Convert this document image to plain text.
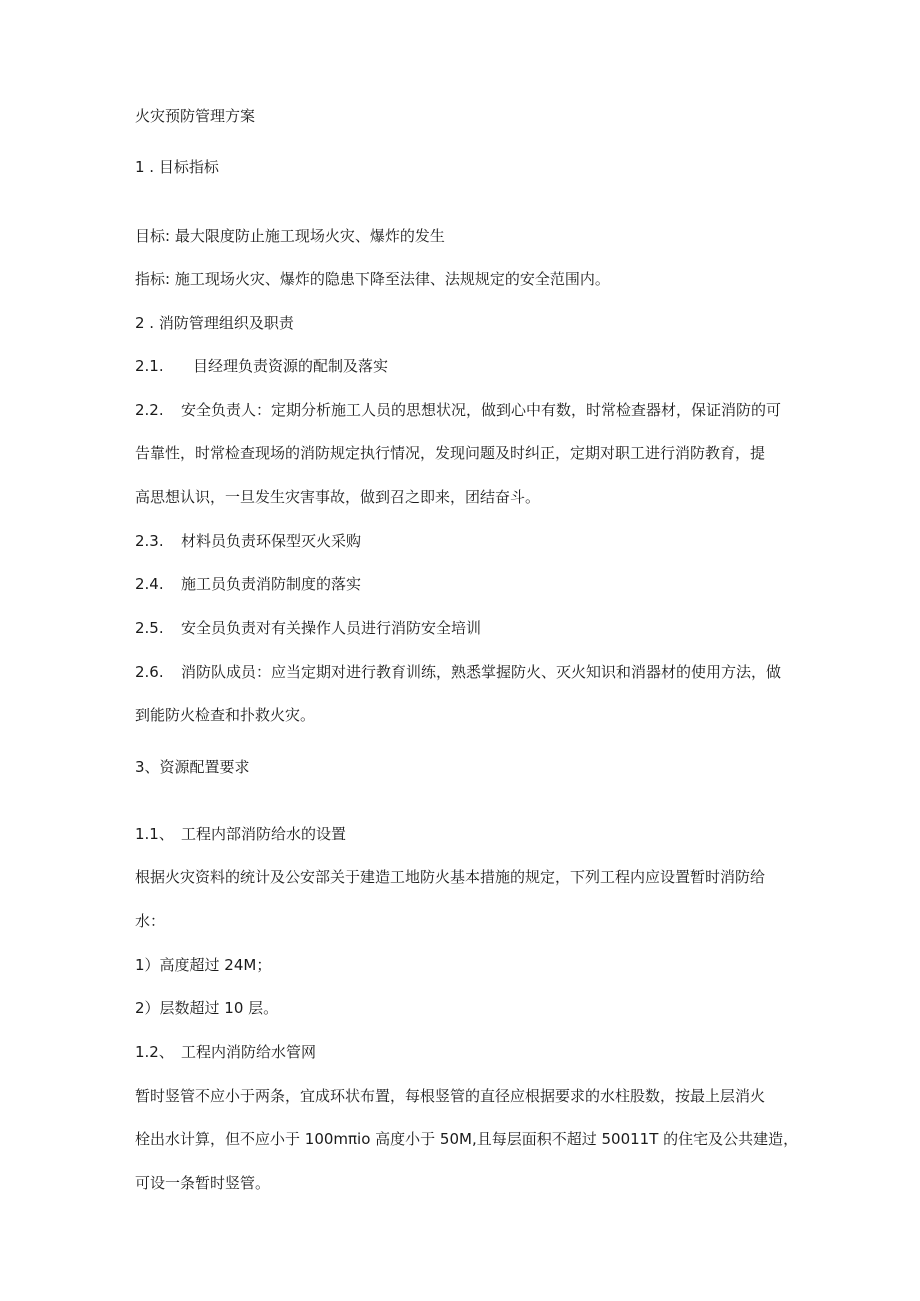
火灾预防管理方案

1 . 目标指标

目标: 最大限度防止施工现场火灾、爆炸的发生

指标: 施工现场火灾、爆炸的隐患下降至法律、法规规定的安全范围内。

2 . 消防管理组织及职责

2.1. 目经理负责资源的配制及落实

2.2. 安全负责人：定期分析施工人员的思想状况，做到心中有数，时常检查器材，保证消防的可

告靠性，时常检查现场的消防规定执行情况，发现问题及时纠正，定期对职工进行消防教育，提

高思想认识，一旦发生灾害事故，做到召之即来，团结奋斗。

2.3. 材料员负责环保型灭火采购

2.4. 施工员负责消防制度的落实

2.5. 安全员负责对有关操作人员进行消防安全培训

2.6. 消防队成员：应当定期对进行教育训练，熟悉掌握防火、灭火知识和消器材的使用方法，做

到能防火检查和扑救火灾。

3、资源配置要求

1.1、 工程内部消防给水的设置

根据火灾资料的统计及公安部关于建造工地防火基本措施的规定，下列工程内应设置暂时消防给

水：

1）高度超过 24M；

2）层数超过 10 层。

1.2、 工程内消防给水管网

暂时竖管不应小于两条，宜成环状布置，每根竖管的直径应根据要求的水柱股数，按最上层消火

栓出水计算，但不应小于 100mπio 高度小于 50M,且每层面积不超过 50011T 的住宅及公共建造，

可设一条暂时竖管。
